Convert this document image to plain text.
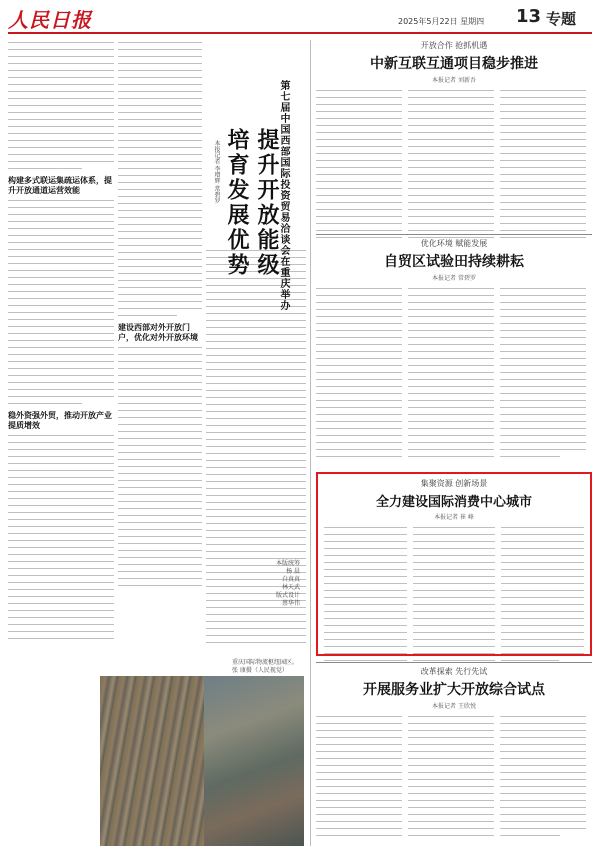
人民日报	2025年5月22日 星期四 13 专题
构建多式联运集疏运体系，提升开放通道运营效能
稳外资强外贸，推动开放产业提质增效
建设西部对外开放门户，优化对外开放环境
第七届中国西部国际投资贸易洽谈会在重庆举办
提升开放能级
培育发展优势
本报记者 李增辉 常碧罗
本版统筹
杨 晨
白真真
林天武
版式设计
蔡华伟
重庆国际物流枢纽园区。
张 康摄（人民视觉）
开放合作 抢抓机遇
中新互联互通项目稳步推进
本报记者 刘新吾
优化环境 赋能发展
自贸区试验田持续耕耘
本报记者 常碧罗
集聚资源 创新场景
全力建设国际消费中心城市
本报记者 崔 峰
改革探索 先行先试
开展服务业扩大开放综合试点
本报记者 王欣悦
